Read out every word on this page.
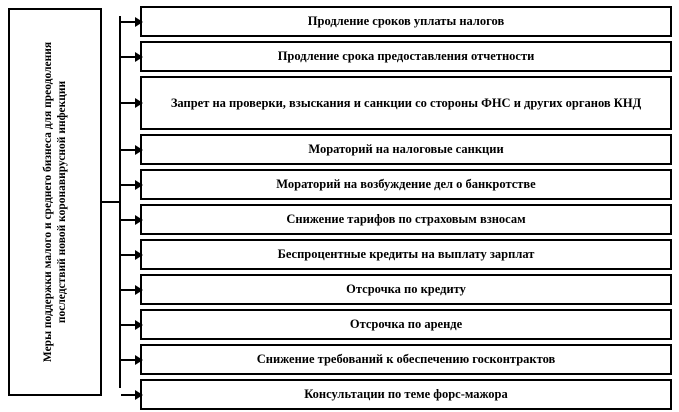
Меры поддержки малого и среднего бизнеса для преодоления последствий новой коронавирусной инфекции
Продление сроков уплаты налогов
Продление срока предоставления отчетности
Запрет на проверки, взыскания и санкции со стороны ФНС и других органов КНД
Мораторий на налоговые санкции
Мораторий на возбуждение дел о банкротстве
Снижение тарифов по страховым взносам
Беспроцентные кредиты на выплату зарплат
Отсрочка по кредиту
Отсрочка по аренде
Снижение требований к обеспечению госконтрактов
Консультации по теме форс-мажора
